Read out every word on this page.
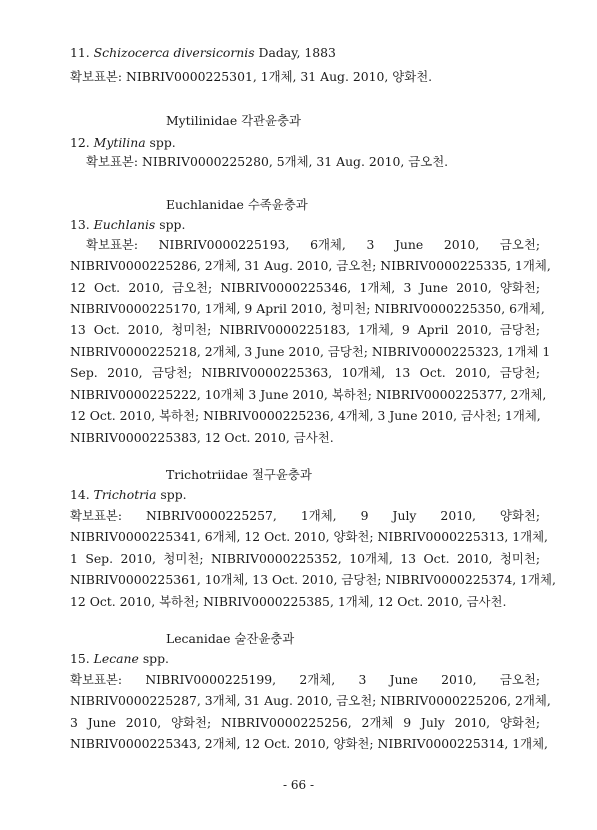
11. Schizocerca diversicornis Daday, 1883
확보표본: NIBRIV0000225301, 1개체, 31 Aug. 2010, 양화천.
Mytilinidae 각관윤충과
12. Mytilina spp.
확보표본: NIBRIV0000225280, 5개체, 31 Aug. 2010, 금오천.
Euchlanidae 수족윤충과
13. Euchlanis spp.
확보표본: NIBRIV0000225193, 6개체, 3 June 2010, 금오천;
NIBRIV0000225286, 2개체, 31 Aug. 2010, 금오천; NIBRIV0000225335, 1개체,
12 Oct. 2010, 금오천; NIBRIV0000225346, 1개체, 3 June 2010, 양화천;
NIBRIV0000225170, 1개체, 9 April 2010, 청미천; NIBRIV0000225350, 6개체,
13 Oct. 2010, 청미천; NIBRIV0000225183, 1개체, 9 April 2010, 금당천;
NIBRIV0000225218, 2개체, 3 June 2010, 금당천; NIBRIV0000225323, 1개체 1
Sep. 2010, 금당천; NIBRIV0000225363, 10개체, 13 Oct. 2010, 금당천;
NIBRIV0000225222, 10개체 3 June 2010, 복하천; NIBRIV0000225377, 2개체,
12 Oct. 2010, 복하천; NIBRIV0000225236, 4개체, 3 June 2010, 금사천; 1개체,
NIBRIV0000225383, 12 Oct. 2010, 금사천.
Trichotriidae 절구윤충과
14. Trichotria spp.
확보표본: NIBRIV0000225257, 1개체, 9 July 2010, 양화천;
NIBRIV0000225341, 6개체, 12 Oct. 2010, 양화천; NIBRIV0000225313, 1개체,
1 Sep. 2010, 청미천; NIBRIV0000225352, 10개체, 13 Oct. 2010, 청미천;
NIBRIV0000225361, 10개체, 13 Oct. 2010, 금당천; NIBRIV0000225374, 1개체,
12 Oct. 2010, 복하천; NIBRIV0000225385, 1개체, 12 Oct. 2010, 금사천.
Lecanidae 술잔윤충과
15. Lecane spp.
확보표본: NIBRIV0000225199, 2개체, 3 June 2010, 금오천;
NIBRIV0000225287, 3개체, 31 Aug. 2010, 금오천; NIBRIV0000225206, 2개체,
3 June 2010, 양화천; NIBRIV0000225256, 2개체 9 July 2010, 양화천;
NIBRIV0000225343, 2개체, 12 Oct. 2010, 양화천; NIBRIV0000225314, 1개체,
- 66 -
